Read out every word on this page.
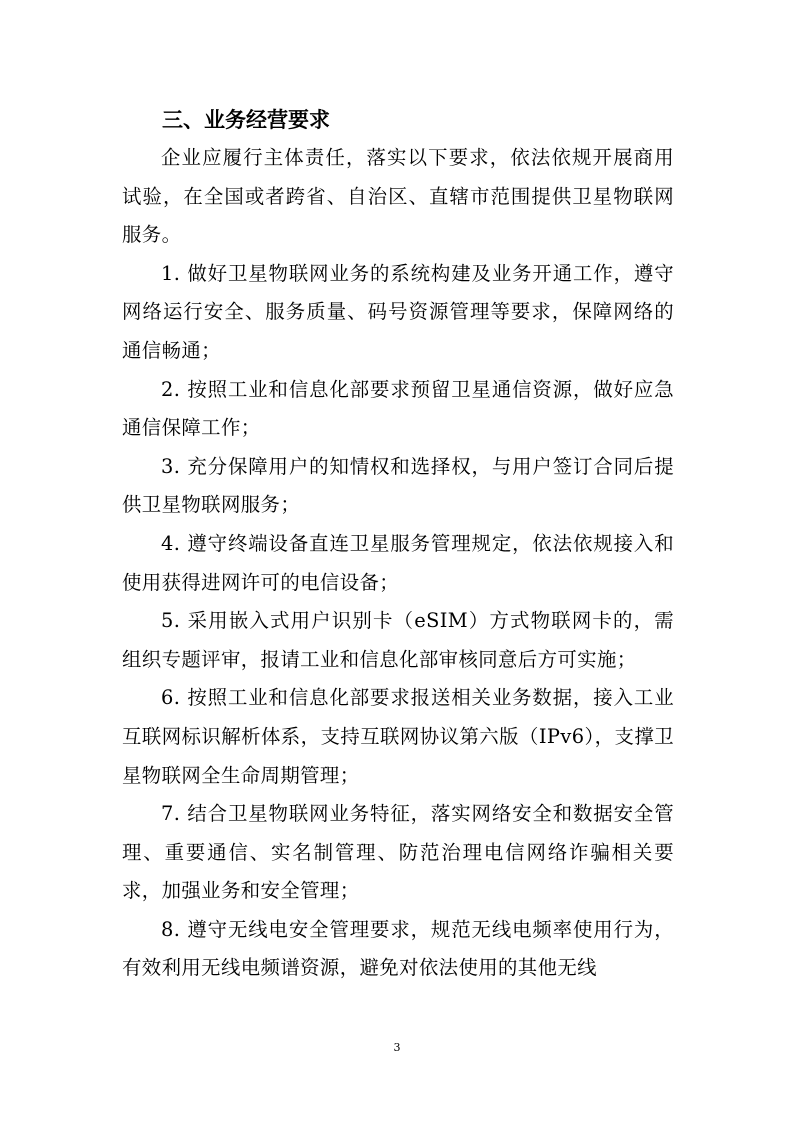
三、业务经营要求

企业应履行主体责任，落实以下要求，依法依规开展商用试验，在全国或者跨省、自治区、直辖市范围提供卫星物联网服务。

1. 做好卫星物联网业务的系统构建及业务开通工作，遵守网络运行安全、服务质量、码号资源管理等要求，保障网络的通信畅通；

2. 按照工业和信息化部要求预留卫星通信资源，做好应急通信保障工作；

3. 充分保障用户的知情权和选择权，与用户签订合同后提供卫星物联网服务；

4. 遵守终端设备直连卫星服务管理规定，依法依规接入和使用获得进网许可的电信设备；

5. 采用嵌入式用户识别卡（eSIM）方式物联网卡的，需组织专题评审，报请工业和信息化部审核同意后方可实施；

6. 按照工业和信息化部要求报送相关业务数据，接入工业互联网标识解析体系，支持互联网协议第六版（IPv6），支撑卫星物联网全生命周期管理；

7. 结合卫星物联网业务特征，落实网络安全和数据安全管理、重要通信、实名制管理、防范治理电信网络诈骗相关要求，加强业务和安全管理；

8. 遵守无线电安全管理要求，规范无线电频率使用行为，有效利用无线电频谱资源，避免对依法使用的其他无线

3
